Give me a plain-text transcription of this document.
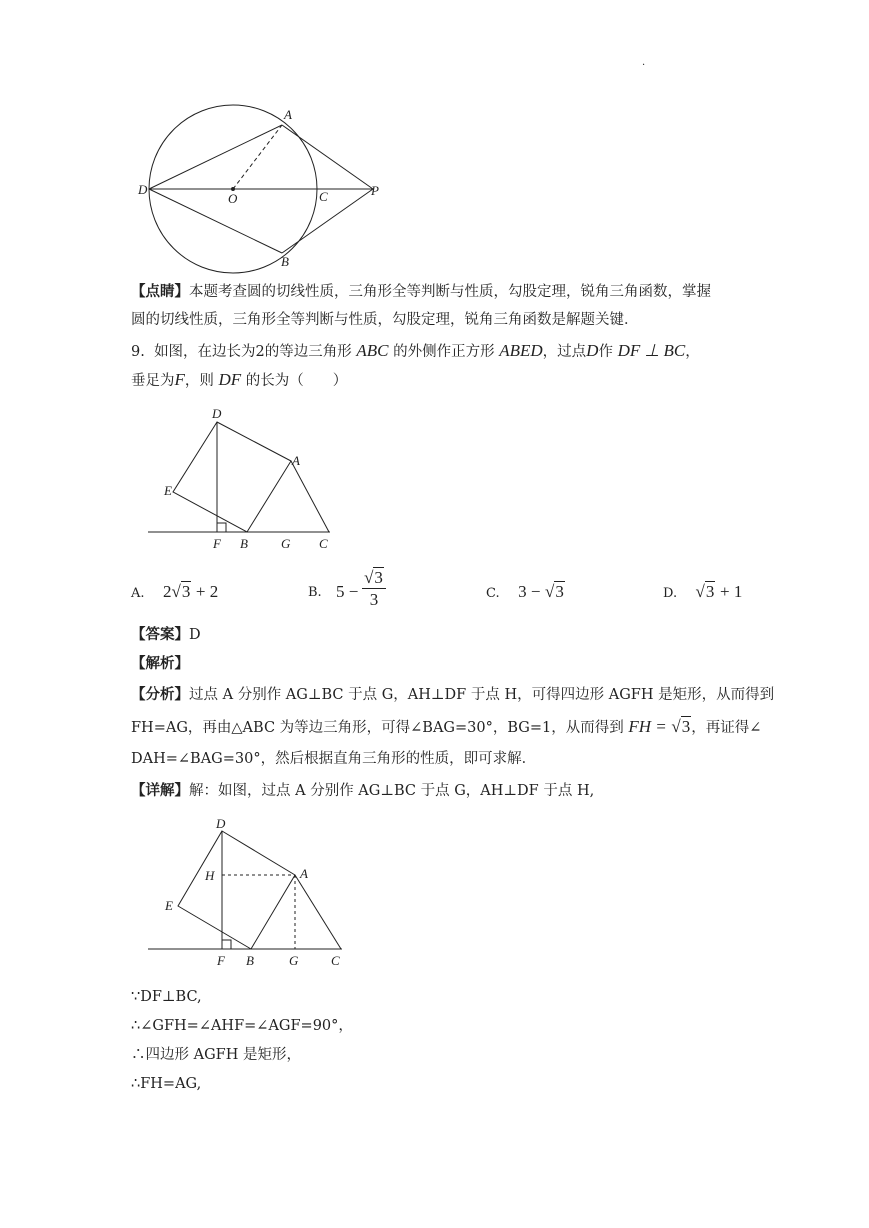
.
A
D
O	C	P
B
【点睛】本题考查圆的切线性质，三角形全等判断与性质，勾股定理，锐角三角函数，掌握
圆的切线性质，三角形全等判断与性质，勾股定理，锐角三角函数是解题关键．
9. 如图，在边长为2的等边三角形 ABC 的外侧作正方形 ABED，过点D作 DF ⊥ BC，
垂足为F，则 DF 的长为（　　）
D
A
E
F B	G C
A. 2√3 + 2	B. 5 −
√3
3	C. 3 − √3	D. √3 + 1
【答案】D
【解析】
【分析】过点 A 分别作 AG⊥BC 于点 G，AH⊥DF 于点 H，可得四边形 AGFH 是矩形，从而得到
FH=AG，再由△ABC 为等边三角形，可得∠BAG=30°，BG=1，从而得到 FH = √3，再证得∠
DAH=∠BAG=30°，然后根据直角三角形的性质，即可求解．
【详解】解：如图，过点 A 分别作 AG⊥BC 于点 G，AH⊥DF 于点 H,
D
H	A
E
F B	G	C
∵DF⊥BC,
∴∠GFH=∠AHF=∠AGF=90°，
∴四边形 AGFH 是矩形，
∴FH=AG,
